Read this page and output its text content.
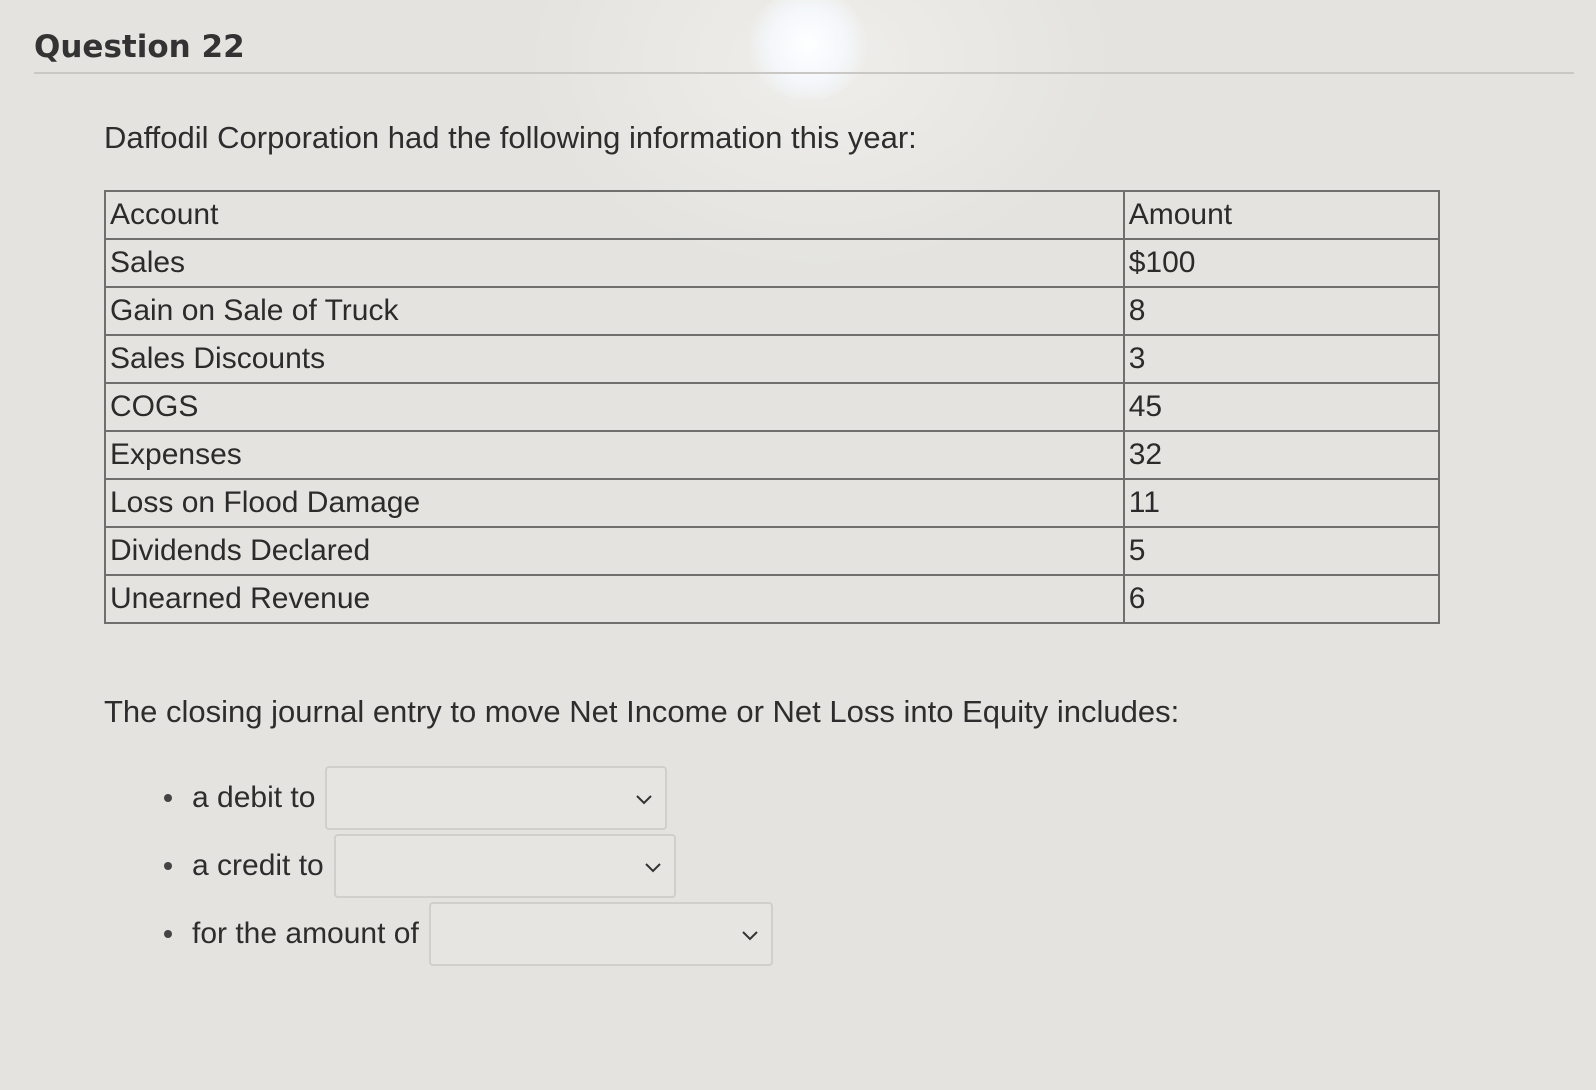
Question 22
Daffodil Corporation had the following information this year:
Account	Amount
Sales	$100
Gain on Sale of Truck	8
Sales Discounts	3
COGS	45
Expenses	32
Loss on Flood Damage	11
Dividends Declared	5
Unearned Revenue	6
The closing journal entry to move Net Income or Net Loss into Equity includes:
a debit to
a credit to
for the amount of
